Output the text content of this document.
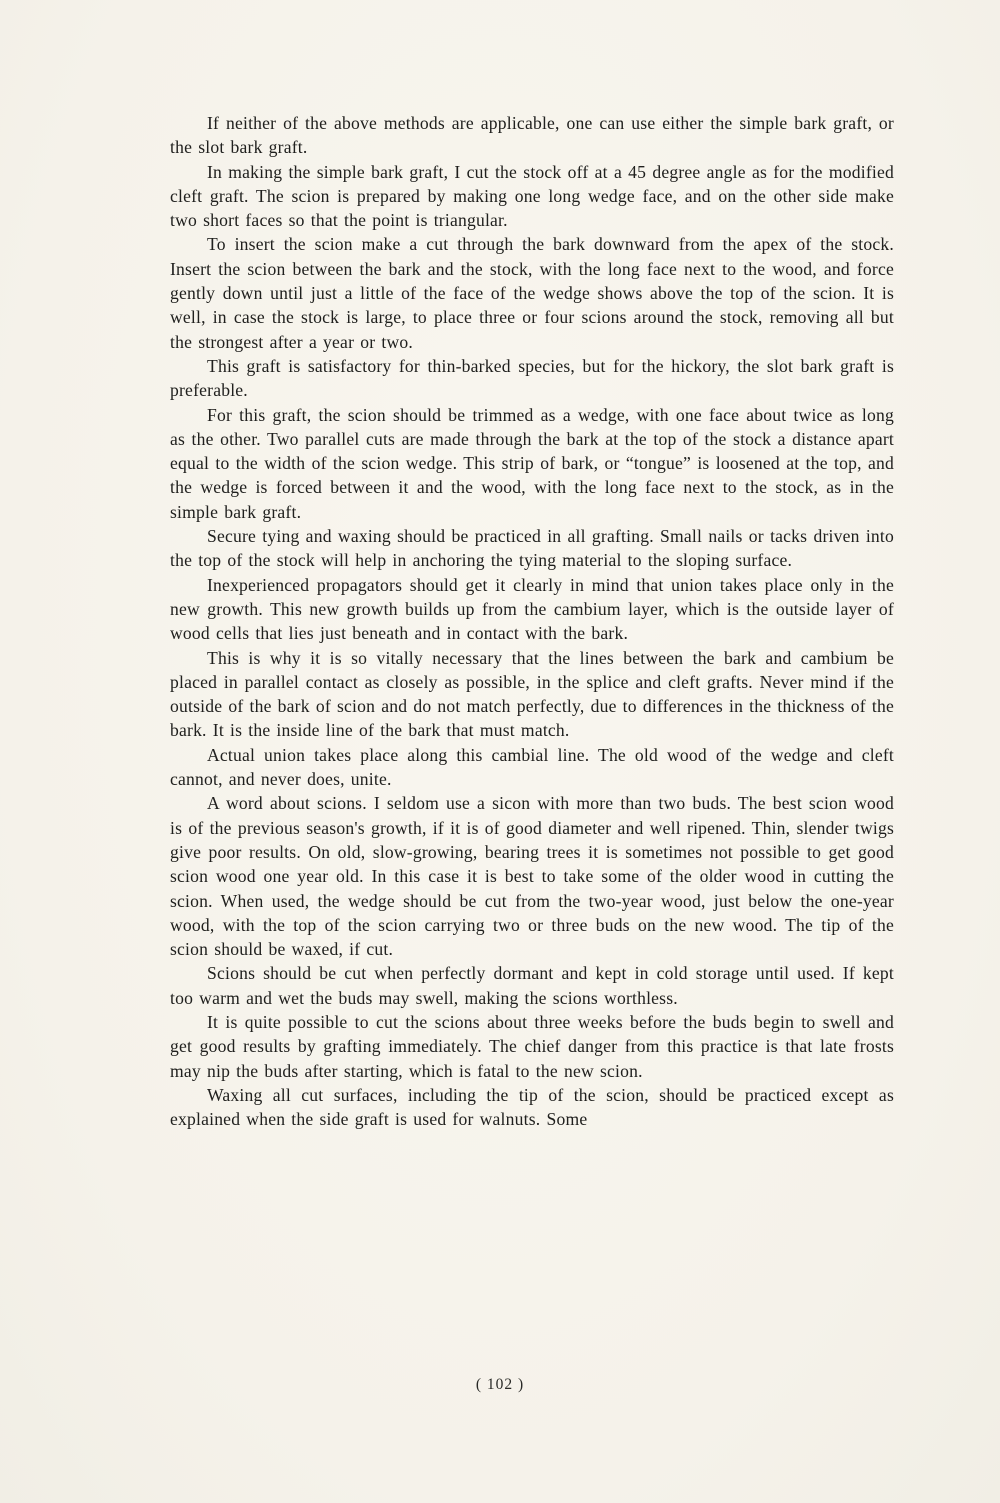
If neither of the above methods are applicable, one can use either the simple bark graft, or the slot bark graft.

In making the simple bark graft, I cut the stock off at a 45 degree angle as for the modified cleft graft. The scion is prepared by making one long wedge face, and on the other side make two short faces so that the point is triangular.

To insert the scion make a cut through the bark downward from the apex of the stock. Insert the scion between the bark and the stock, with the long face next to the wood, and force gently down until just a little of the face of the wedge shows above the top of the scion. It is well, in case the stock is large, to place three or four scions around the stock, removing all but the strongest after a year or two.

This graft is satisfactory for thin-barked species, but for the hickory, the slot bark graft is preferable.

For this graft, the scion should be trimmed as a wedge, with one face about twice as long as the other. Two parallel cuts are made through the bark at the top of the stock a distance apart equal to the width of the scion wedge. This strip of bark, or “tongue” is loosened at the top, and the wedge is forced between it and the wood, with the long face next to the stock, as in the simple bark graft.

Secure tying and waxing should be practiced in all grafting. Small nails or tacks driven into the top of the stock will help in anchoring the tying material to the sloping surface.

Inexperienced propagators should get it clearly in mind that union takes place only in the new growth. This new growth builds up from the cambium layer, which is the outside layer of wood cells that lies just beneath and in contact with the bark.

This is why it is so vitally necessary that the lines between the bark and cambium be placed in parallel contact as closely as possible, in the splice and cleft grafts. Never mind if the outside of the bark of scion and do not match perfectly, due to differences in the thickness of the bark. It is the inside line of the bark that must match.

Actual union takes place along this cambial line. The old wood of the wedge and cleft cannot, and never does, unite.

A word about scions. I seldom use a sicon with more than two buds. The best scion wood is of the previous season's growth, if it is of good diameter and well ripened. Thin, slender twigs give poor results. On old, slow-growing, bearing trees it is sometimes not possible to get good scion wood one year old. In this case it is best to take some of the older wood in cutting the scion. When used, the wedge should be cut from the two-year wood, just below the one-year wood, with the top of the scion carrying two or three buds on the new wood. The tip of the scion should be waxed, if cut.

Scions should be cut when perfectly dormant and kept in cold storage until used. If kept too warm and wet the buds may swell, making the scions worthless.

It is quite possible to cut the scions about three weeks before the buds begin to swell and get good results by grafting immediately. The chief danger from this practice is that late frosts may nip the buds after starting, which is fatal to the new scion.

Waxing all cut surfaces, including the tip of the scion, should be practiced except as explained when the side graft is used for walnuts. Some

( 102 )
